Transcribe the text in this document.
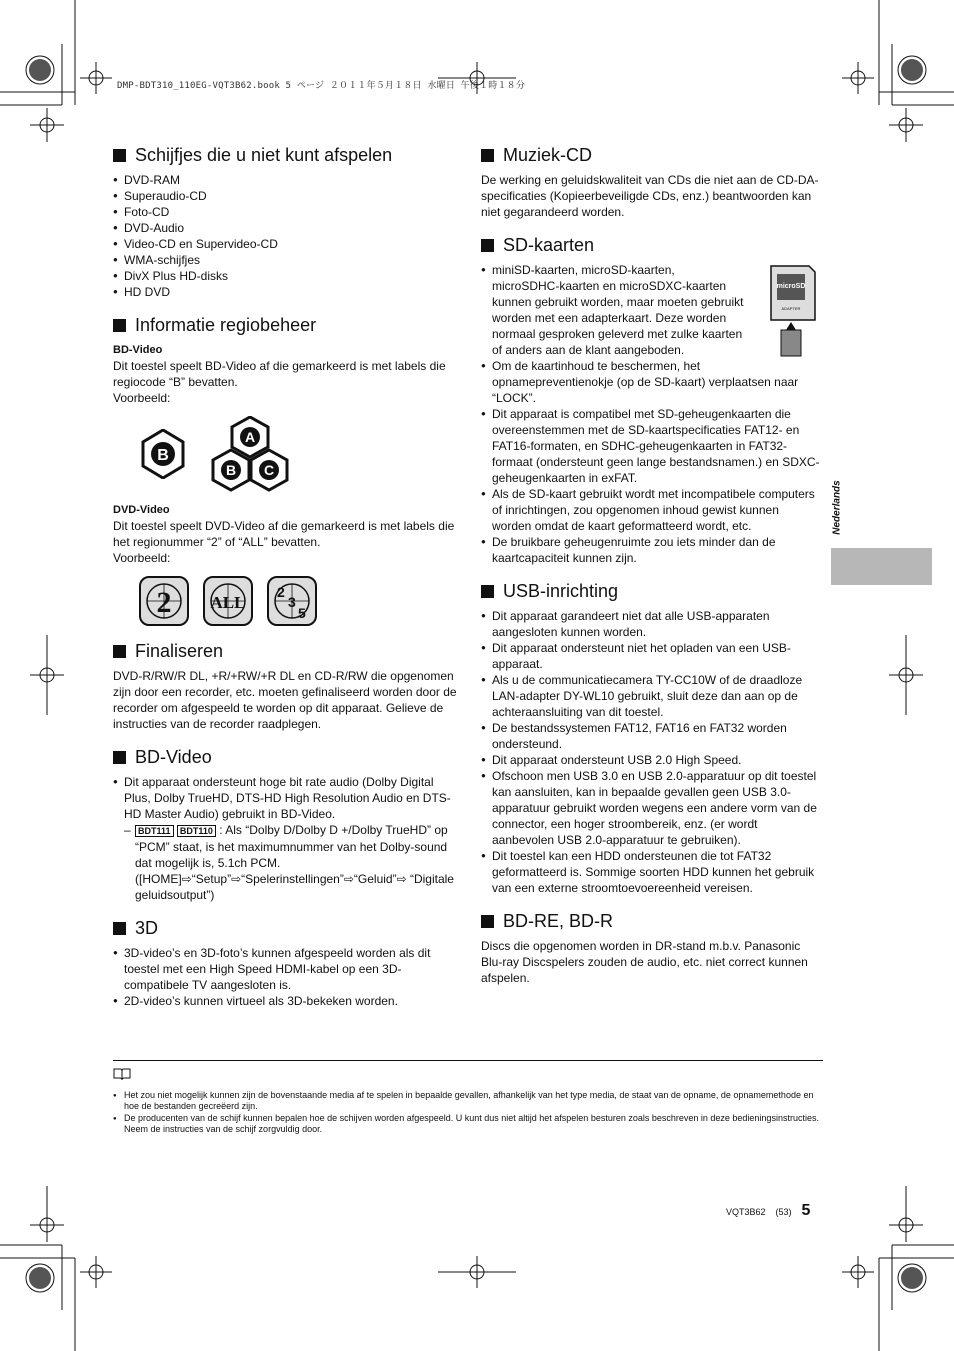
DMP-BDT310_110EG-VQT3B62.book 5 ページ ２０１１年５月１８日 水曜日 午後１時１８分
Nederlands
Schijfjes die u niet kunt afspelen
● DVD-RAM
● Superaudio-CD
● Foto-CD
● DVD-Audio
● Video-CD en Supervideo-CD
● WMA-schijfjes
● DivX Plus HD-disks
● HD DVD
Informatie regiobeheer

BD-Video

Dit toestel speelt BD-Video af die gemarkeerd is met labels die regiocode “B” bevatten.

Voorbeeld:

B
A
B C

DVD-Video

Dit toestel speelt DVD-Video af die gemarkeerd is met labels die het regionummer “2” of “ALL” bevatten.

Voorbeeld:

2 ALL
2
3
5
Finaliseren

DVD-R/RW/R DL, +R/+RW/+R DL en CD-R/RW die opgenomen zijn door een recorder, etc. moeten gefinaliseerd worden door de recorder om afgespeeld te worden op dit apparaat. Gelieve de instructies van de recorder raadplegen.

BD-Video
● Dit apparaat ondersteunt hoge bit rate audio (Dolby Digital Plus, Dolby TrueHD, DTS-HD High Resolution Audio en DTS-HD Master Audio) gebruikt in BD-Video.

– BDT111 BDT110 : Als “Dolby D/Dolby D +/Dolby TrueHD” op “PCM” staat, is het maximumnummer van het Dolby-sound dat mogelijk is, 5.1ch PCM. ([HOME]⇨“Setup”⇨“Spelerinstellingen”⇨“Geluid”⇨ “Digitale geluidsoutput”)

3D
● 3D-video’s en 3D-foto’s kunnen afgespeeld worden als dit toestel met een High Speed HDMI-kabel op een 3D-compatibele TV aangesloten is.
● 2D-video’s kunnen virtueel als 3D-bekeken worden.
Muziek-CD

De werking en geluidskwaliteit van CDs die niet aan de CD-DA-specificaties (Kopieerbeveiligde CDs, enz.) beantwoorden kan niet gegarandeerd worden.

SD-kaarten
microSD
ADAPTER
● miniSD-kaarten, microSD-kaarten, microSDHC-kaarten en microSDXC-kaarten kunnen gebruikt worden, maar moeten gebruikt worden met een adapterkaart. Deze worden normaal gesproken geleverd met zulke kaarten of anders aan de klant aangeboden.
● Om de kaartinhoud te beschermen, het opnamepreventienokje (op de SD-kaart) verplaatsen naar “LOCK”.
● Dit apparaat is compatibel met SD-geheugenkaarten die overeenstemmen met de SD-kaartspecificaties FAT12- en FAT16-formaten, en SDHC-geheugenkaarten in FAT32-formaat (ondersteunt geen lange bestandsnamen.) en SDXC-geheugenkaarten in exFAT.
● Als de SD-kaart gebruikt wordt met incompatibele computers of inrichtingen, zou opgenomen inhoud gewist kunnen worden omdat de kaart geformatteerd wordt, etc.
● De bruikbare geheugenruimte zou iets minder dan de kaartcapaciteit kunnen zijn.
USB-inrichting
● Dit apparaat garandeert niet dat alle USB-apparaten aangesloten kunnen worden.
● Dit apparaat ondersteunt niet het opladen van een USB-apparaat.
● Als u de communicatiecamera TY-CC10W of de draadloze LAN-adapter DY-WL10 gebruikt, sluit deze dan aan op de achteraansluiting van dit toestel.
● De bestandssystemen FAT12, FAT16 en FAT32 worden ondersteund.
● Dit apparaat ondersteunt USB 2.0 High Speed.
● Ofschoon men USB 3.0 en USB 2.0-apparatuur op dit toestel kan aansluiten, kan in bepaalde gevallen geen USB 3.0-apparatuur gebruikt worden wegens een andere vorm van de connector, een hoger stroombereik, enz. (er wordt aanbevolen USB 2.0-apparatuur te gebruiken).
● Dit toestel kan een HDD ondersteunen die tot FAT32 geformatteerd is. Sommige soorten HDD kunnen het gebruik van een externe stroomtoevoereenheid vereisen.
BD-RE, BD-R

Discs die opgenomen worden in DR-stand m.b.v. Panasonic Blu-ray Discspelers zouden de audio, etc. niet correct kunnen afspelen.

● Het zou niet mogelijk kunnen zijn de bovenstaande media af te spelen in bepaalde gevallen, afhankelijk van het type media, de staat van de opname, de opnamemethode en hoe de bestanden gecreëerd zijn.
● De producenten van de schijf kunnen bepalen hoe de schijven worden afgespeeld. U kunt dus niet altijd het afspelen besturen zoals beschreven in deze bedieningsinstructies. Neem de instructies van de schijf zorgvuldig door.
VQT3B62 (53) 5
